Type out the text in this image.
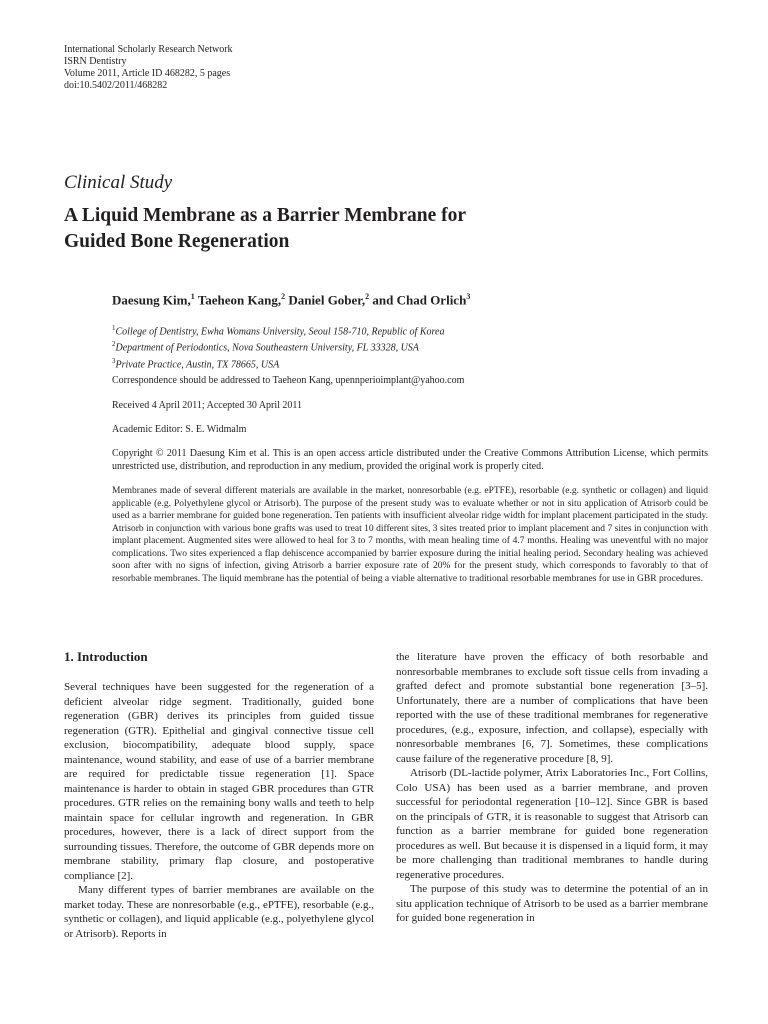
International Scholarly Research Network
ISRN Dentistry
Volume 2011, Article ID 468282, 5 pages
doi:10.5402/2011/468282
Clinical Study
A Liquid Membrane as a Barrier Membrane for
Guided Bone Regeneration
Daesung Kim,$^1$ Taeheon Kang,$^2$ Daniel Gober,$^2$ and Chad Orlich$^3$
$^1$College of Dentistry, Ewha Womans University, Seoul 158-710, Republic of Korea
$^2$Department of Periodontics, Nova Southeastern University, FL 33328, USA
$^3$Private Practice, Austin, TX 78665, USA
Correspondence should be addressed to Taeheon Kang, upennperioimplant@yahoo.com
Received 4 April 2011; Accepted 30 April 2011
Academic Editor: S. E. Widmalm
Copyright © 2011 Daesung Kim et al. This is an open access article distributed under the Creative Commons Attribution License, which permits unrestricted use, distribution, and reproduction in any medium, provided the original work is properly cited.
Membranes made of several different materials are available in the market, nonresorbable (e.g. ePTFE), resorbable (e.g. synthetic or collagen) and liquid applicable (e.g. Polyethylene glycol or Atrisorb). The purpose of the present study was to evaluate whether or not in situ application of Atrisorb could be used as a barrier membrane for guided bone regeneration. Ten patients with insufficient alveolar ridge width for implant placement participated in the study. Atrisorb in conjunction with various bone grafts was used to treat 10 different sites, 3 sites treated prior to implant placement and 7 sites in conjunction with implant placement. Augmented sites were allowed to heal for 3 to 7 months, with mean healing time of 4.7 months. Healing was uneventful with no major complications. Two sites experienced a flap dehiscence accompanied by barrier exposure during the initial healing period. Secondary healing was achieved soon after with no signs of infection, giving Atrisorb a barrier exposure rate of 20% for the present study, which corresponds to favorably to that of resorbable membranes. The liquid membrane has the potential of being a viable alternative to traditional resorbable membranes for use in GBR procedures.
1. Introduction

Several techniques have been suggested for the regeneration of a deficient alveolar ridge segment. Traditionally, guided bone regeneration (GBR) derives its principles from guided tissue regeneration (GTR). Epithelial and gingival connective tissue cell exclusion, biocompatibility, adequate blood supply, space maintenance, wound stability, and ease of use of a barrier membrane are required for predictable tissue regeneration [1]. Space maintenance is harder to obtain in staged GBR procedures than GTR procedures. GTR relies on the remaining bony walls and teeth to help maintain space for cellular ingrowth and regeneration. In GBR procedures, however, there is a lack of direct support from the surrounding tissues. Therefore, the outcome of GBR depends more on membrane stability, primary flap closure, and postoperative compliance [2].

Many different types of barrier membranes are available on the market today. These are nonresorbable (e.g., ePTFE), resorbable (e.g., synthetic or collagen), and liquid applicable (e.g., polyethylene glycol or Atrisorb). Reports in

the literature have proven the efficacy of both resorbable and nonresorbable membranes to exclude soft tissue cells from invading a grafted defect and promote substantial bone regeneration [3–5]. Unfortunately, there are a number of complications that have been reported with the use of these traditional membranes for regenerative procedures, (e.g., exposure, infection, and collapse), especially with nonresorbable membranes [6, 7]. Sometimes, these complications cause failure of the regenerative procedure [8, 9].

Atrisorb (DL-lactide polymer, Atrix Laboratories Inc., Fort Collins, Colo USA) has been used as a barrier membrane, and proven successful for periodontal regeneration [10–12]. Since GBR is based on the principals of GTR, it is reasonable to suggest that Atrisorb can function as a barrier membrane for guided bone regeneration procedures as well. But because it is dispensed in a liquid form, it may be more challenging than traditional membranes to handle during regenerative procedures.

The purpose of this study was to determine the potential of an in situ application technique of Atrisorb to be used as a barrier membrane for guided bone regeneration in
